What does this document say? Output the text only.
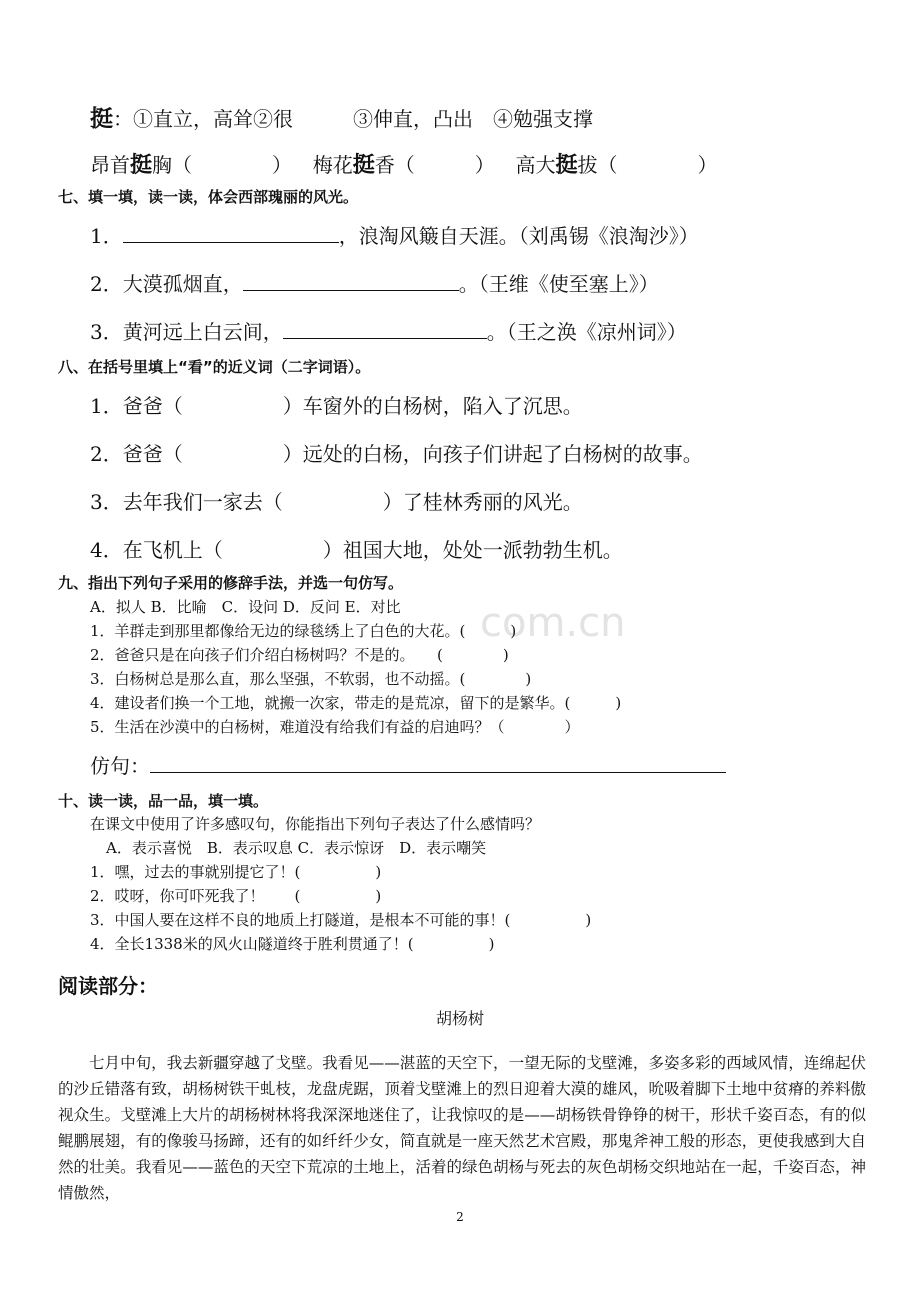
com.cn
挺：①直立，高耸②很　　　③伸直，凸出　④勉强支撑
昂首挺胸（　　　　） 梅花挺香（　　　） 高大挺拔（　　　　）
七、填一填，读一读，体会西部瑰丽的风光。
1．	，浪淘风簸自天涯。（刘禹锡《浪淘沙》）
2．大漠孤烟直，	。（王维《使至塞上》）
3．黄河远上白云间，	。（王之涣《凉州词》）
八、在括号里填上“看”的近义词（二字词语）。
1．爸爸（　　　　　）车窗外的白杨树，陷入了沉思。
2．爸爸（　　　　　）远处的白杨，向孩子们讲起了白杨树的故事。
3．去年我们一家去（　　　　　）了桂林秀丽的风光。
4．在飞机上（　　　　　）祖国大地，处处一派勃勃生机。
九、指出下列句子采用的修辞手法，并选一句仿写。
A．拟人 B．比喻　C．设问 D．反问 E．对比
1．羊群走到那里都像给无边的绿毯绣上了白色的大花。(　　　)
2．爸爸只是在向孩子们介绍白杨树吗？不是的。　　(　　　　)
3．白杨树总是那么直，那么坚强，不软弱，也不动摇。(　　　　)
4．建设者们换一个工地，就搬一次家，带走的是荒凉，留下的是繁华。(　　　)
5．生活在沙漠中的白杨树，难道没有给我们有益的启迪吗？（　　　　）
仿句：
十、读一读，品一品，填一填。
在课文中使用了许多感叹句，你能指出下列句子表达了什么感情吗？
A．表示喜悦　B．表示叹息 C．表示惊讶　D．表示嘲笑
1．嘿，过去的事就别提它了！(　　　　　)
2．哎呀，你可吓死我了！　　(　　　　　)
3．中国人要在这样不良的地质上打隧道，是根本不可能的事！(　　　　　)
4．全长1338米的风火山隧道终于胜利贯通了！(　　　　　)
阅读部分：
胡杨树

七月中旬，我去新疆穿越了戈壁。我看见——湛蓝的天空下，一望无际的戈壁滩，多姿多彩的西域风情，连绵起伏的沙丘错落有致，胡杨树铁干虬枝，龙盘虎踞，顶着戈壁滩上的烈日迎着大漠的雄风，吮吸着脚下土地中贫瘠的养料傲视众生。戈壁滩上大片的胡杨树林将我深深地迷住了，让我惊叹的是——胡杨铁骨铮铮的树干，形状千姿百态，有的似鲲鹏展翅，有的像骏马扬蹄，还有的如纤纤少女，简直就是一座天然艺术宫殿，那鬼斧神工般的形态，更使我感到大自然的壮美。我看见——蓝色的天空下荒凉的土地上，活着的绿色胡杨与死去的灰色胡杨交织地站在一起，千姿百态，神情傲然，

2
